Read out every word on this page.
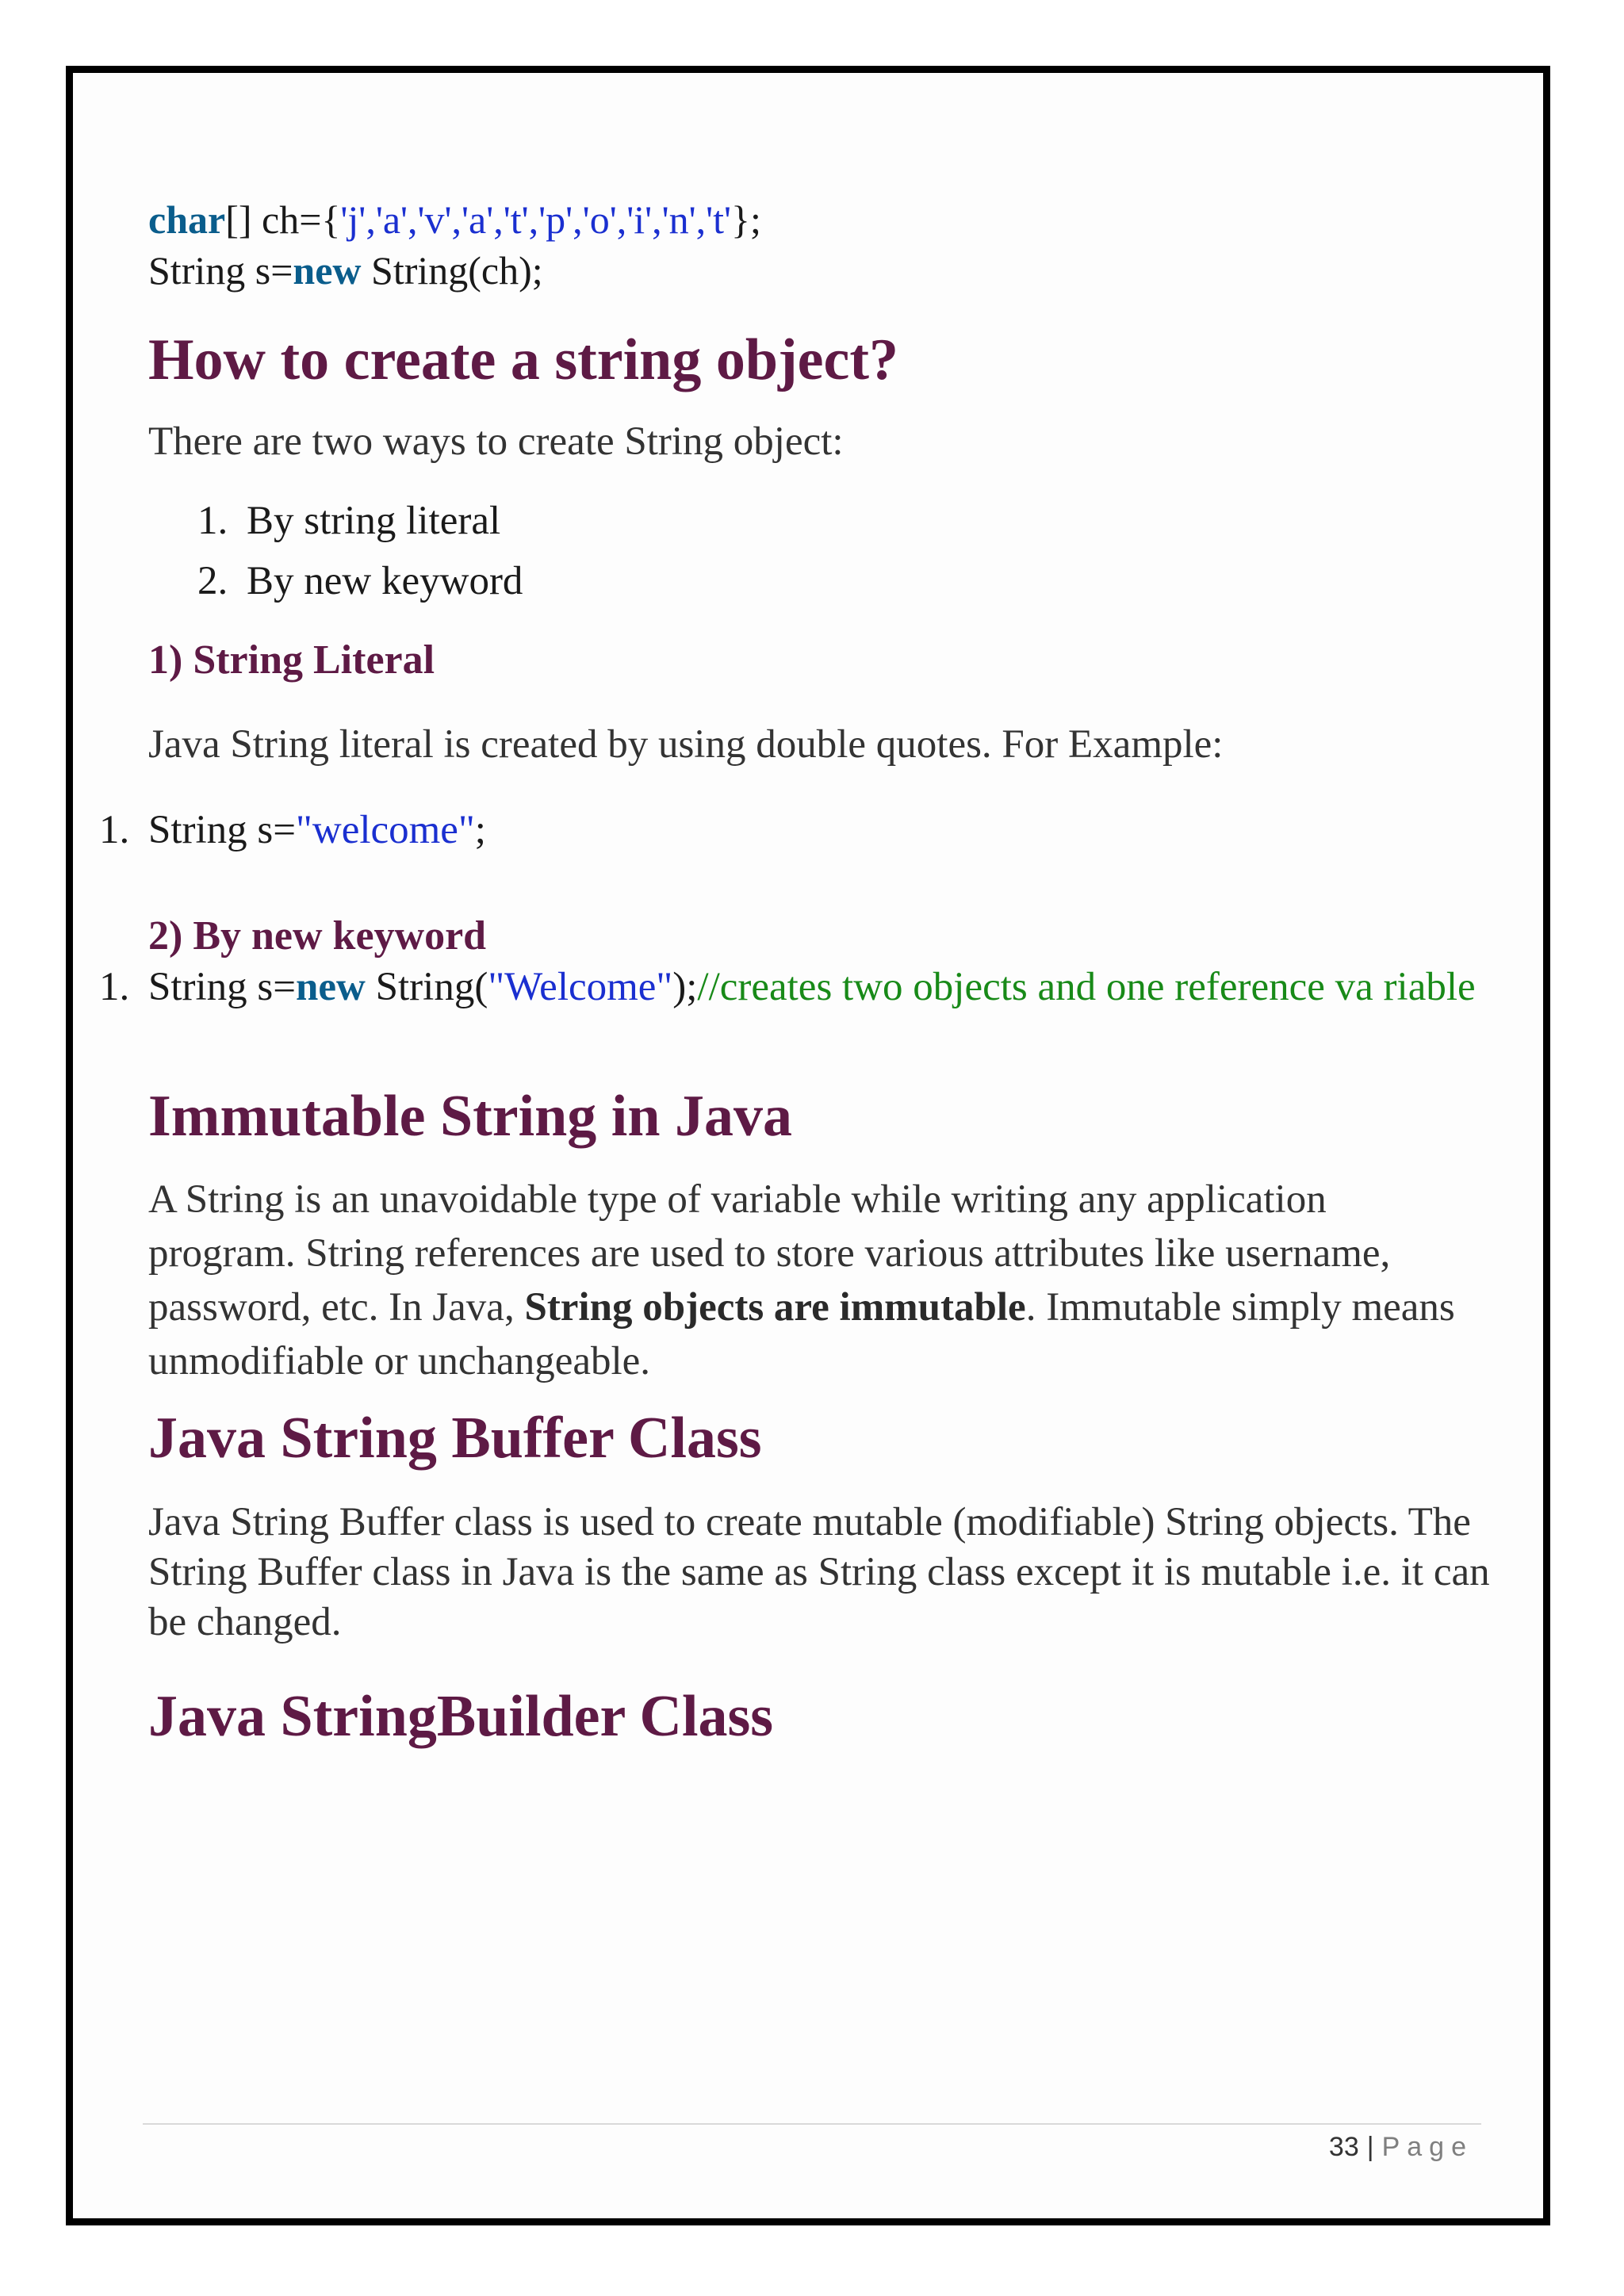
char[] ch={'j','a','v','a','t','p','o','i','n','t'};
String s=new String(ch);
How to create a string object?

There are two ways to create String object:

1. By string literal
2. By new keyword
1) String Literal

Java String literal is created by using double quotes. For Example:

1. String s="welcome";
2) By new keyword
1. String s=new String("Welcome");//creates two objects and one reference va riable
Immutable String in Java

A String is an unavoidable type of variable while writing any application program. String references are used to store various attributes like username, password, etc. In Java, String objects are immutable. Immutable simply means unmodifiable or unchangeable.

Java String Buffer Class

Java String Buffer class is used to create mutable (modifiable) String objects. The String Buffer class in Java is the same as String class except it is mutable i.e. it can be changed.

Java StringBuilder Class
33 | Page
